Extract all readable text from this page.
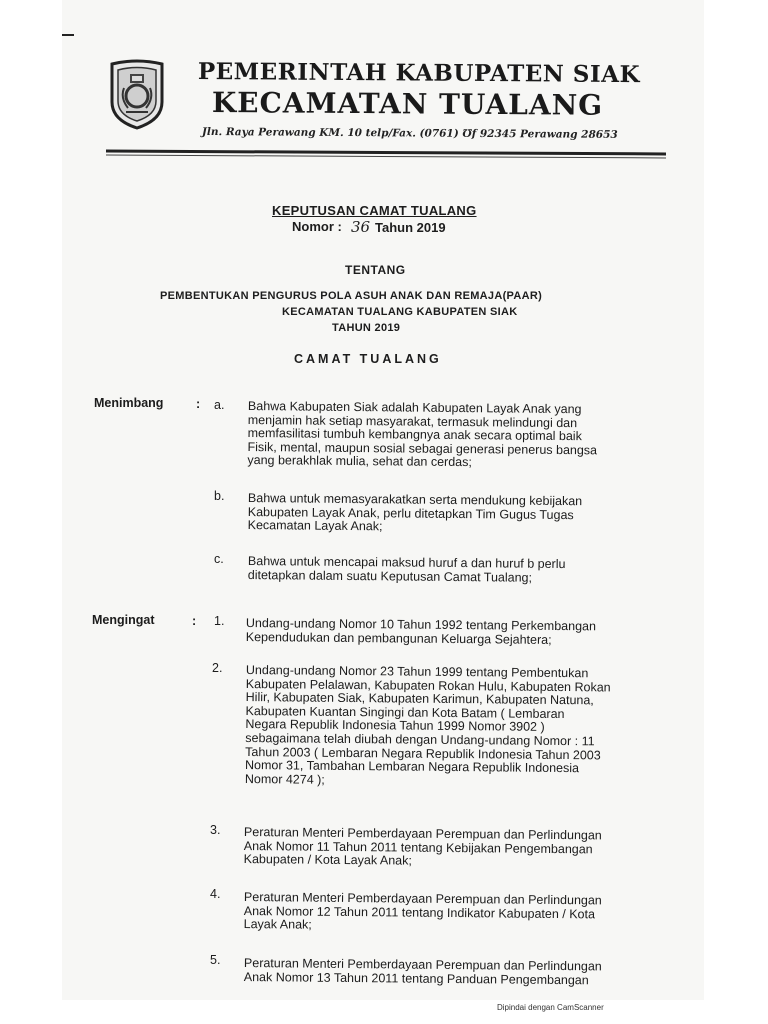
PEMERINTAH KABUPATEN SIAK
KECAMATAN TUALANG
Jln. Raya Perawang KM. 10 telp/Fax. (0761) ℧f 92345 Perawang 28653
KEPUTUSAN CAMAT TUALANG
Nomor : 36 Tahun 2019
TENTANG
PEMBENTUKAN PENGURUS POLA ASUH ANAK DAN REMAJA(PAAR)
KECAMATAN TUALANG KABUPATEN SIAK
TAHUN 2019
CAMAT TUALANG
Menimbang	: a. Bahwa Kabupaten Siak adalah Kabupaten Layak Anak yang
menjamin hak setiap masyarakat, termasuk melindungi dan
memfasilitasi tumbuh kembangnya anak secara optimal baik
Fisik, mental, maupun sosial sebagai generasi penerus bangsa
yang berakhlak mulia, sehat dan cerdas;
b. Bahwa untuk memasyarakatkan serta mendukung kebijakan
Kabupaten Layak Anak, perlu ditetapkan Tim Gugus Tugas
Kecamatan Layak Anak;
c. Bahwa untuk mencapai maksud huruf a dan huruf b perlu
ditetapkan dalam suatu Keputusan Camat Tualang;
Mengingat	: 1. Undang-undang Nomor 10 Tahun 1992 tentang Perkembangan
Kependudukan dan pembangunan Keluarga Sejahtera;
2. Undang-undang Nomor 23 Tahun 1999 tentang Pembentukan
Kabupaten Pelalawan, Kabupaten Rokan Hulu, Kabupaten Rokan
Hilir, Kabupaten Siak, Kabupaten Karimun, Kabupaten Natuna,
Kabupaten Kuantan Singingi dan Kota Batam ( Lembaran
Negara Republik Indonesia Tahun 1999 Nomor 3902 )
sebagaimana telah diubah dengan Undang-undang Nomor : 11
Tahun 2003 ( Lembaran Negara Republik Indonesia Tahun 2003
Nomor 31, Tambahan Lembaran Negara Republik Indonesia
Nomor 4274 );
3. Peraturan Menteri Pemberdayaan Perempuan dan Perlindungan
Anak Nomor 11 Tahun 2011 tentang Kebijakan Pengembangan
Kabupaten / Kota Layak Anak;
4. Peraturan Menteri Pemberdayaan Perempuan dan Perlindungan
Anak Nomor 12 Tahun 2011 tentang Indikator Kabupaten / Kota
Layak Anak;
5. Peraturan Menteri Pemberdayaan Perempuan dan Perlindungan
Anak Nomor 13 Tahun 2011 tentang Panduan Pengembangan
Dipindai dengan CamScanner
